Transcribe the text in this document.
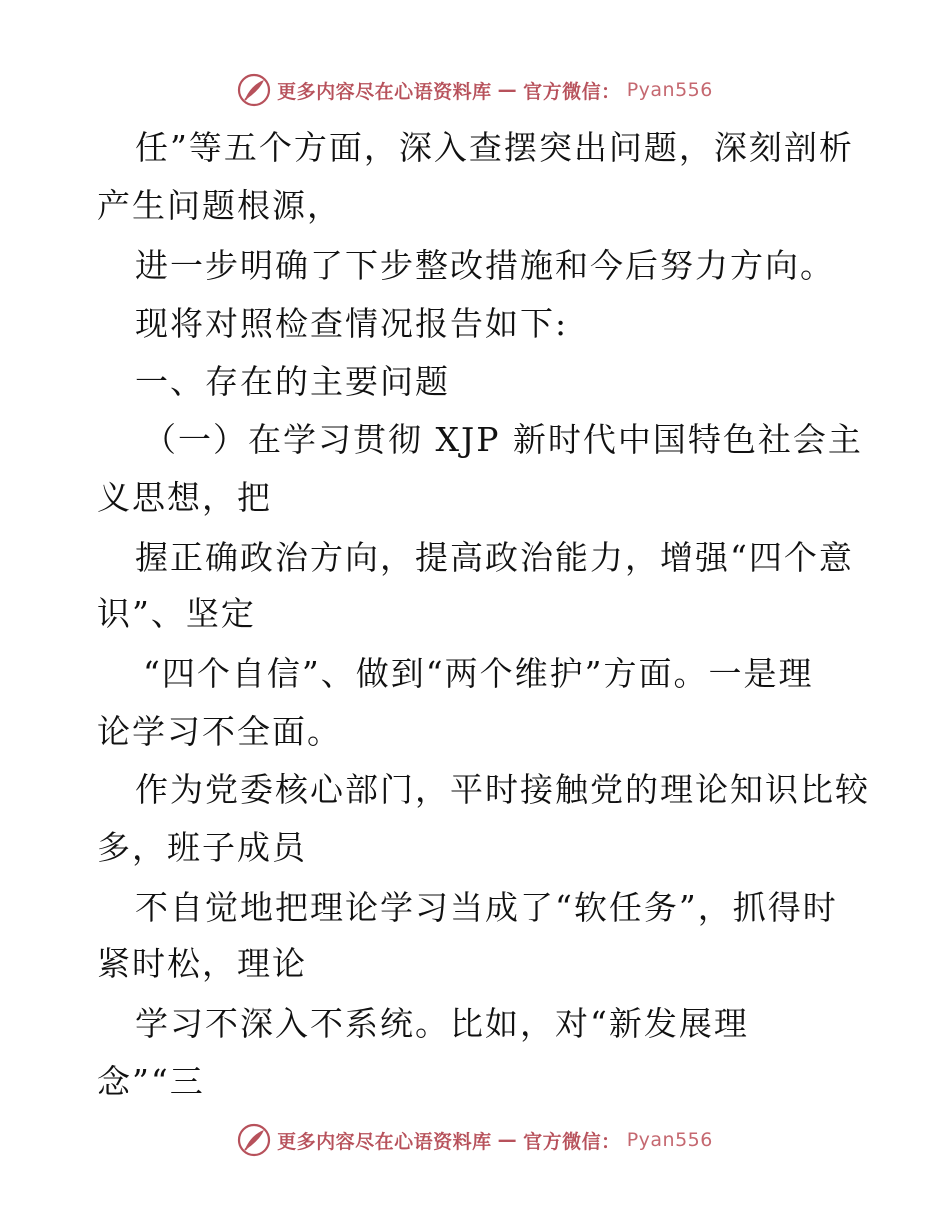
更多内容尽在心语资料库 — 官方微信： Pyan556
任”等五个方面，深入查摆突出问题，深刻剖析
产生问题根源，
进一步明确了下步整改措施和今后努力方向。
现将对照检查情况报告如下:
一、存在的主要问题
（一）在学习贯彻 XJP 新时代中国特色社会主
义思想，把
握正确政治方向，提高政治能力，增强“四个意
识”、坚定
“四个自信”、做到“两个维护”方面。一是理
论学习不全面。
作为党委核心部门，平时接触党的理论知识比较
多，班子成员
不自觉地把理论学习当成了“软任务”，抓得时
紧时松，理论
学习不深入不系统。比如，对“新发展理
念”“三
更多内容尽在心语资料库 — 官方微信： Pyan556
